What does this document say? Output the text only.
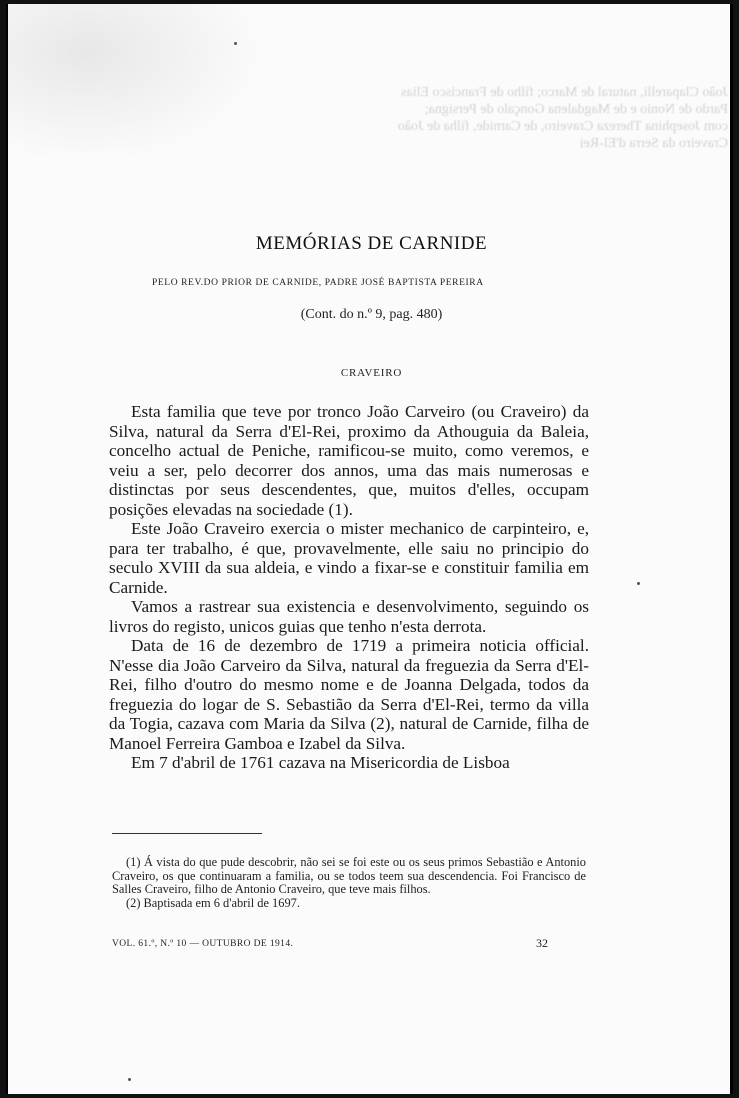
João Claparelli, natural de Marco; filho de Francisco Elias
Pardo de Nonio e de Magdalena Gonçalo de Persigna;
com Josephina Thereza Craveiro, de Carnide, filha de João
Craveiro da Serra d'El-Rei
MEMÓRIAS DE CARNIDE
PELO REV.DO PRIOR DE CARNIDE, PADRE JOSÉ BAPTISTA PEREIRA
(Cont. do n.º 9, pag. 480)
CRAVEIRO

Esta familia que teve por tronco João Carveiro (ou Craveiro) da Silva, natural da Serra d'El-Rei, proximo da Athouguia da Baleia, concelho actual de Peniche, ramificou-se muito, como veremos, e veiu a ser, pelo decorrer dos annos, uma das mais numerosas e distinctas por seus descendentes, que, muitos d'elles, occupam posições elevadas na sociedade (1).

Este João Craveiro exercia o mister mechanico de carpinteiro, e, para ter trabalho, é que, provavelmente, elle saiu no principio do seculo XVIII da sua aldeia, e vindo a fixar-se e constituir familia em Carnide.

Vamos a rastrear sua existencia e desenvolvimento, seguindo os livros do registo, unicos guias que tenho n'esta derrota.

Data de 16 de dezembro de 1719 a primeira noticia official. N'esse dia João Carveiro da Silva, natural da freguezia da Serra d'El-Rei, filho d'outro do mesmo nome e de Joanna Delgada, todos da freguezia do logar de S. Sebastião da Serra d'El-Rei, termo da villa da Togia, cazava com Maria da Silva (2), natural de Carnide, filha de Manoel Ferreira Gamboa e Izabel da Silva.

Em 7 d'abril de 1761 cazava na Misericordia de Lisboa

(1) Á vista do que pude descobrir, não sei se foi este ou os seus primos Sebastião e Antonio Craveiro, os que continuaram a familia, ou se todos teem sua descendencia. Foi Francisco de Salles Craveiro, filho de Antonio Craveiro, que teve mais filhos.

(2) Baptisada em 6 d'abril de 1697.

VOL. 61.º, N.º 10 — OUTUBRO DE 1914.	32
